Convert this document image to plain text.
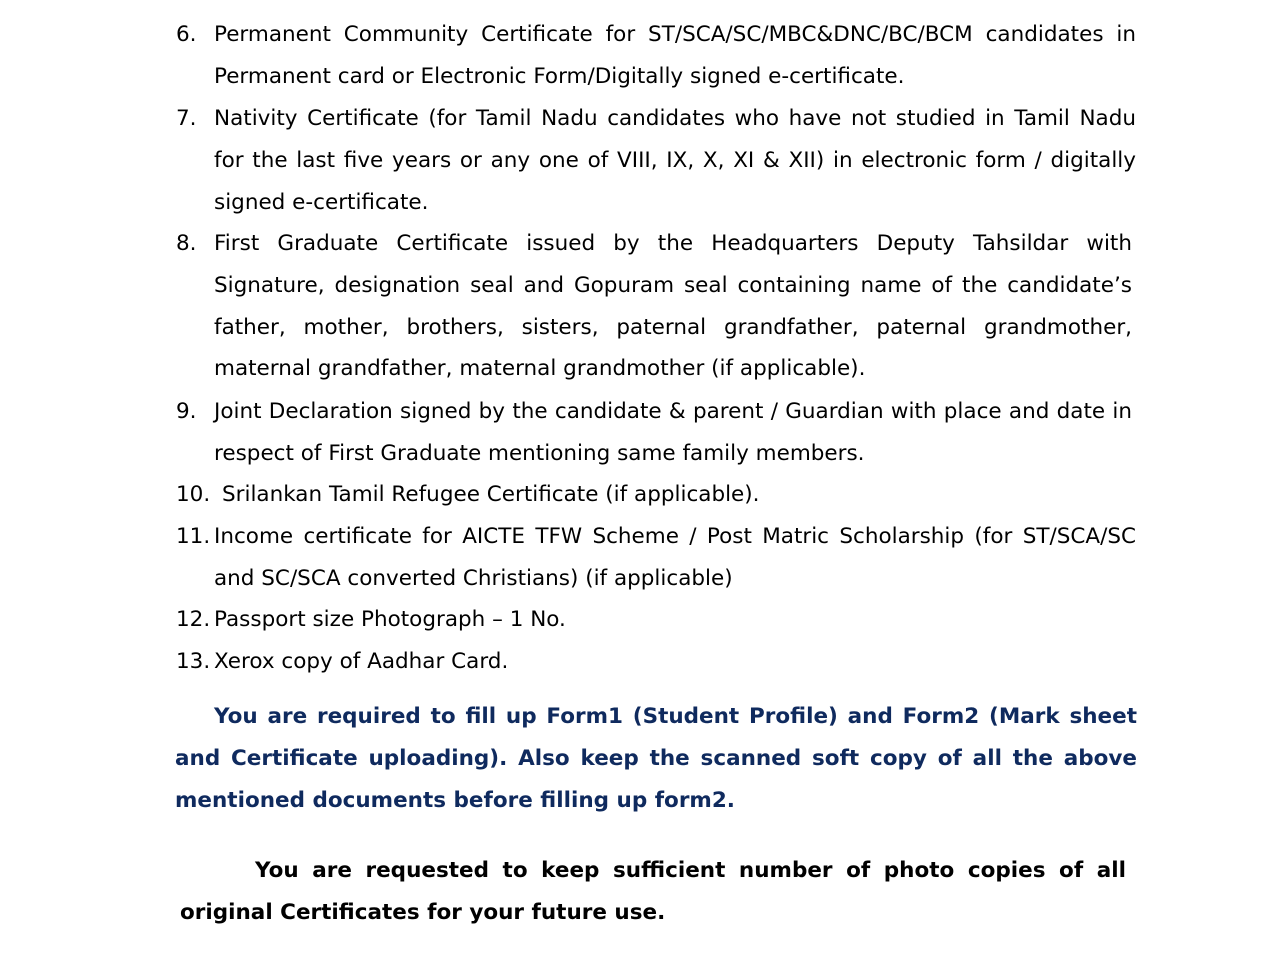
6. Permanent Community Certificate for ST/SCA/SC/MBC&DNC/BC/BCM candidates in Permanent card or Electronic Form/Digitally signed e-certificate.
7. Nativity Certificate (for Tamil Nadu candidates who have not studied in Tamil Nadu for the last five years or any one of VIII, IX, X, XI & XII) in electronic form / digitally signed e-certificate.
8. First Graduate Certificate issued by the Headquarters Deputy Tahsildar with Signature, designation seal and Gopuram seal containing name of the candidate’s father, mother, brothers, sisters, paternal grandfather, paternal grandmother, maternal grandfather, maternal grandmother (if applicable).
9. Joint Declaration signed by the candidate & parent / Guardian with place and date in respect of First Graduate mentioning same family members.
10. Srilankan Tamil Refugee Certificate (if applicable).
11. Income certificate for AICTE TFW Scheme / Post Matric Scholarship (for ST/SCA/SC and SC/SCA converted Christians) (if applicable)
12. Passport size Photograph – 1 No.
13. Xerox copy of Aadhar Card.

You are required to fill up Form1 (Student Profile) and Form2 (Mark sheet and Certificate uploading). Also keep the scanned soft copy of all the above mentioned documents before filling up form2.

You are requested to keep sufficient number of photo copies of all original Certificates for your future use.
